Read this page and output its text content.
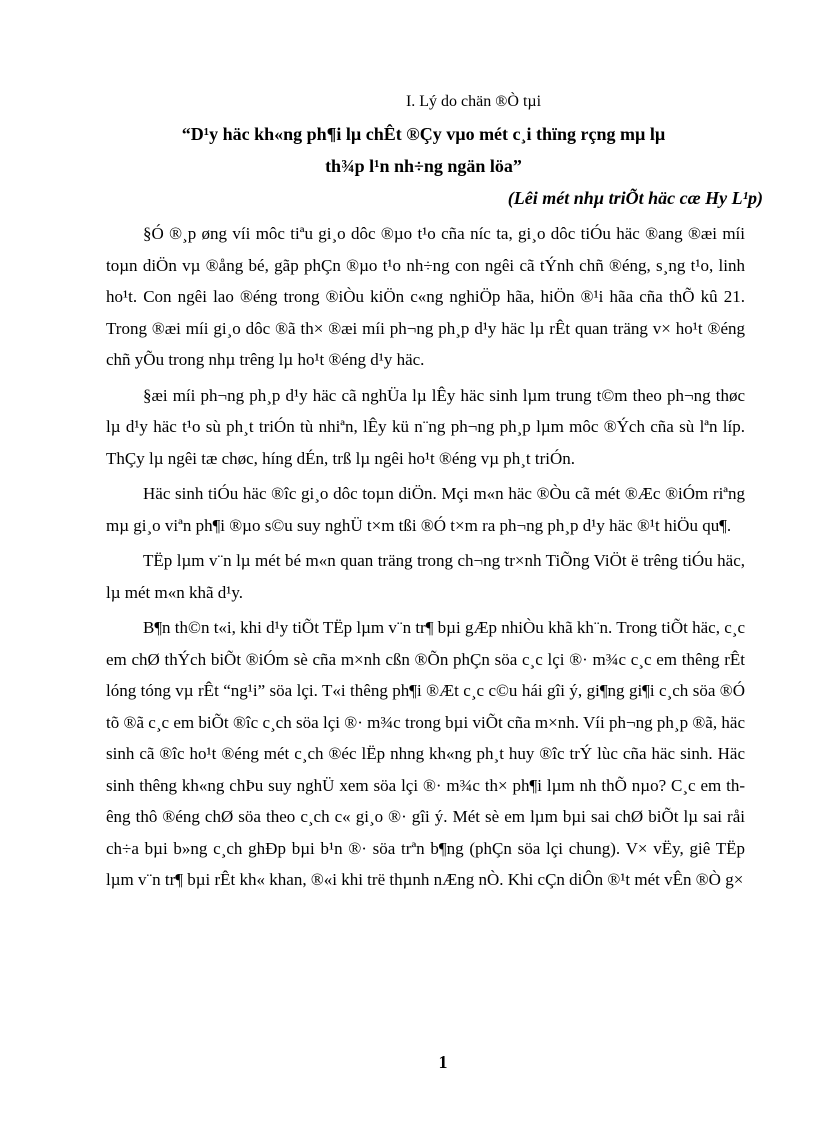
I. Lý do chän ®Ò tµi
“D¹y häc kh«ng ph¶i lµ chÊt ®Çy vµo mét c¸i thïng rçng mµ lµ
th¾p l¹n nh÷ng ngän löa”
(Lêi mét nhµ triÕt häc cæ Hy L¹p)

§Ó ®¸p øng víi môc tiªu gi¸o dôc ®µo t¹o cña níc ta, gi¸o dôc tiÓu häc ®ang ®æi míi toµn diÖn vµ ®ång bé, gãp phÇn ®µo t¹o nh÷ng con ngêi cã tÝnh chñ ®éng, s¸ng t¹o, linh ho¹t. Con ngêi lao ®éng trong ®iÒu kiÖn c«ng nghiÖp hãa, hiÖn ®¹i hãa cña thÕ kû 21. Trong ®æi míi gi¸o dôc ®ã th× ®æi míi ph¬ng ph¸p d¹y häc lµ rÊt quan träng v× ho¹t ®éng chñ yÕu trong nhµ trêng lµ ho¹t ®éng d¹y häc.

§æi míi ph¬ng ph¸p d¹y häc cã nghÜa lµ lÊy häc sinh lµm trung t©m theo ph¬ng thøc lµ d¹y häc t¹o sù ph¸t triÓn tù nhiªn, lÊy kü n¨ng ph¬ng ph¸p lµm môc ®Ých cña sù lªn líp. ThÇy lµ ngêi tæ chøc, híng dÉn, trß lµ ngêi ho¹t ®éng vµ ph¸t triÓn.

Häc sinh tiÓu häc ®îc gi¸o dôc toµn diÖn. Mçi m«n häc ®Òu cã mét ®Æc ®iÓm riªng mµ gi¸o viªn ph¶i ®µo s©u suy nghÜ t×m tßi ®Ó t×m ra ph¬ng ph¸p d¹y häc ®¹t hiÖu qu¶.

TËp lµm v¨n lµ mét bé m«n quan träng trong ch¬ng tr×nh TiÕng ViÖt ë trêng tiÓu häc, lµ mét m«n khã d¹y.

B¶n th©n t«i, khi d¹y tiÕt TËp lµm v¨n tr¶ bµi gÆp nhiÒu khã kh¨n. Trong tiÕt häc, c¸c em chØ thÝch biÕt ®iÓm sè cña m×nh cßn ®Õn phÇn söa c¸c lçi ®· m¾c c¸c em thêng rÊt lóng tóng vµ rÊt “ng¹i” söa lçi. T«i thêng ph¶i ®Æt c¸c c©u hái gîi ý, gi¶ng gi¶i c¸ch söa ®Ó tõ ®ã c¸c em biÕt ®îc c¸ch söa lçi ®· m¾c trong bµi viÕt cña m×nh. Víi ph¬ng ph¸p ®ã, häc sinh cã ®îc ho¹t ®éng mét c¸ch ®éc lËp nhng kh«ng ph¸t huy ®îc trÝ lùc cña häc sinh. Häc sinh thêng kh«ng chÞu suy nghÜ xem söa lçi ®· m¾c th× ph¶i lµm nh thÕ nµo? C¸c em thêng thô ®éng chØ söa theo c¸ch c« gi¸o ®· gîi ý. Mét sè em lµm bµi sai chØ biÕt lµ sai råi ch÷a bµi b»ng c¸ch ghÐp bµi b¹n ®· söa trªn b¶ng (phÇn söa lçi chung). V× vËy, giê TËp lµm v¨n tr¶ bµi rÊt kh« khan, ®«i khi trë thµnh nÆng nÒ. Khi cÇn diÔn ®¹t mét vÊn ®Ò g×

1
